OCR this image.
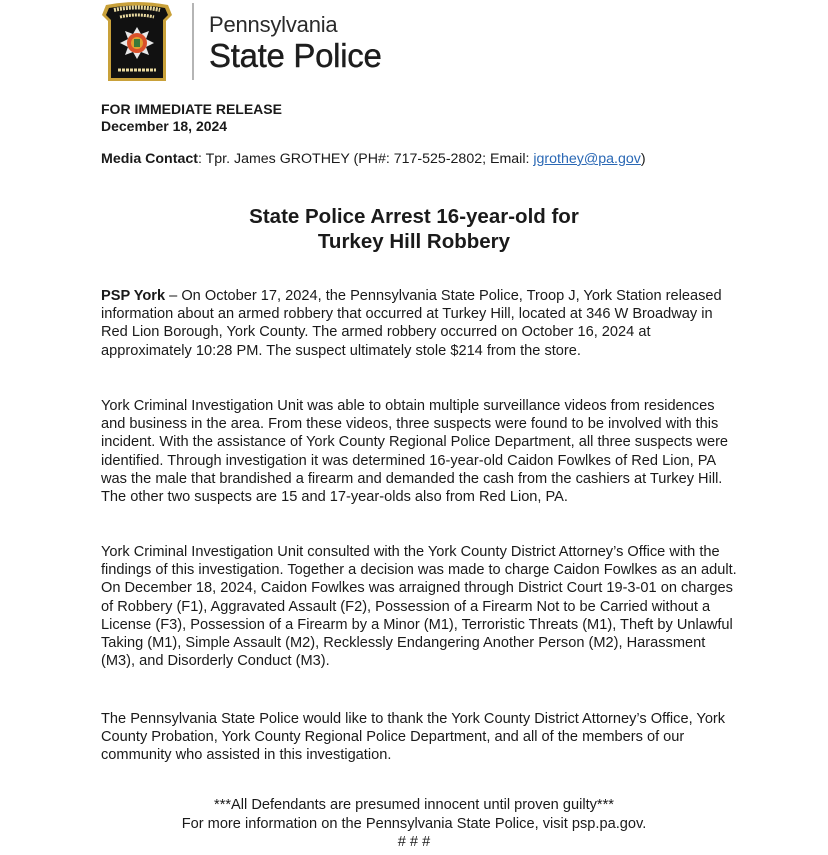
Pennsylvania
State Police
FOR IMMEDIATE RELEASE
December 18, 2024
Media Contact: Tpr. James GROTHEY (PH#: 717-525-2802; Email: jgrothey@pa.gov)
State Police Arrest 16-year-old for
Turkey Hill Robbery
PSP York – On October 17, 2024, the Pennsylvania State Police, Troop J, York Station released information about an armed robbery that occurred at Turkey Hill, located at 346 W Broadway in Red Lion Borough, York County. The armed robbery occurred on October 16, 2024 at approximately 10:28 PM. The suspect ultimately stole $214 from the store.
York Criminal Investigation Unit was able to obtain multiple surveillance videos from residences and business in the area. From these videos, three suspects were found to be involved with this incident. With the assistance of York County Regional Police Department, all three suspects were identified. Through investigation it was determined 16-year-old Caidon Fowlkes of Red Lion, PA was the male that brandished a firearm and demanded the cash from the cashiers at Turkey Hill. The other two suspects are 15 and 17-year-olds also from Red Lion, PA.
York Criminal Investigation Unit consulted with the York County District Attorney’s Office with the findings of this investigation. Together a decision was made to charge Caidon Fowlkes as an adult. On December 18, 2024, Caidon Fowlkes was arraigned through District Court 19-3-01 on charges of Robbery (F1), Aggravated Assault (F2), Possession of a Firearm Not to be Carried without a License (F3), Possession of a Firearm by a Minor (M1), Terroristic Threats (M1), Theft by Unlawful Taking (M1), Simple Assault (M2), Recklessly Endangering Another Person (M2), Harassment (M3), and Disorderly Conduct (M3).
The Pennsylvania State Police would like to thank the York County District Attorney’s Office, York County Probation, York County Regional Police Department, and all of the members of our community who assisted in this investigation.
***All Defendants are presumed innocent until proven guilty***
For more information on the Pennsylvania State Police, visit psp.pa.gov.
# # #
